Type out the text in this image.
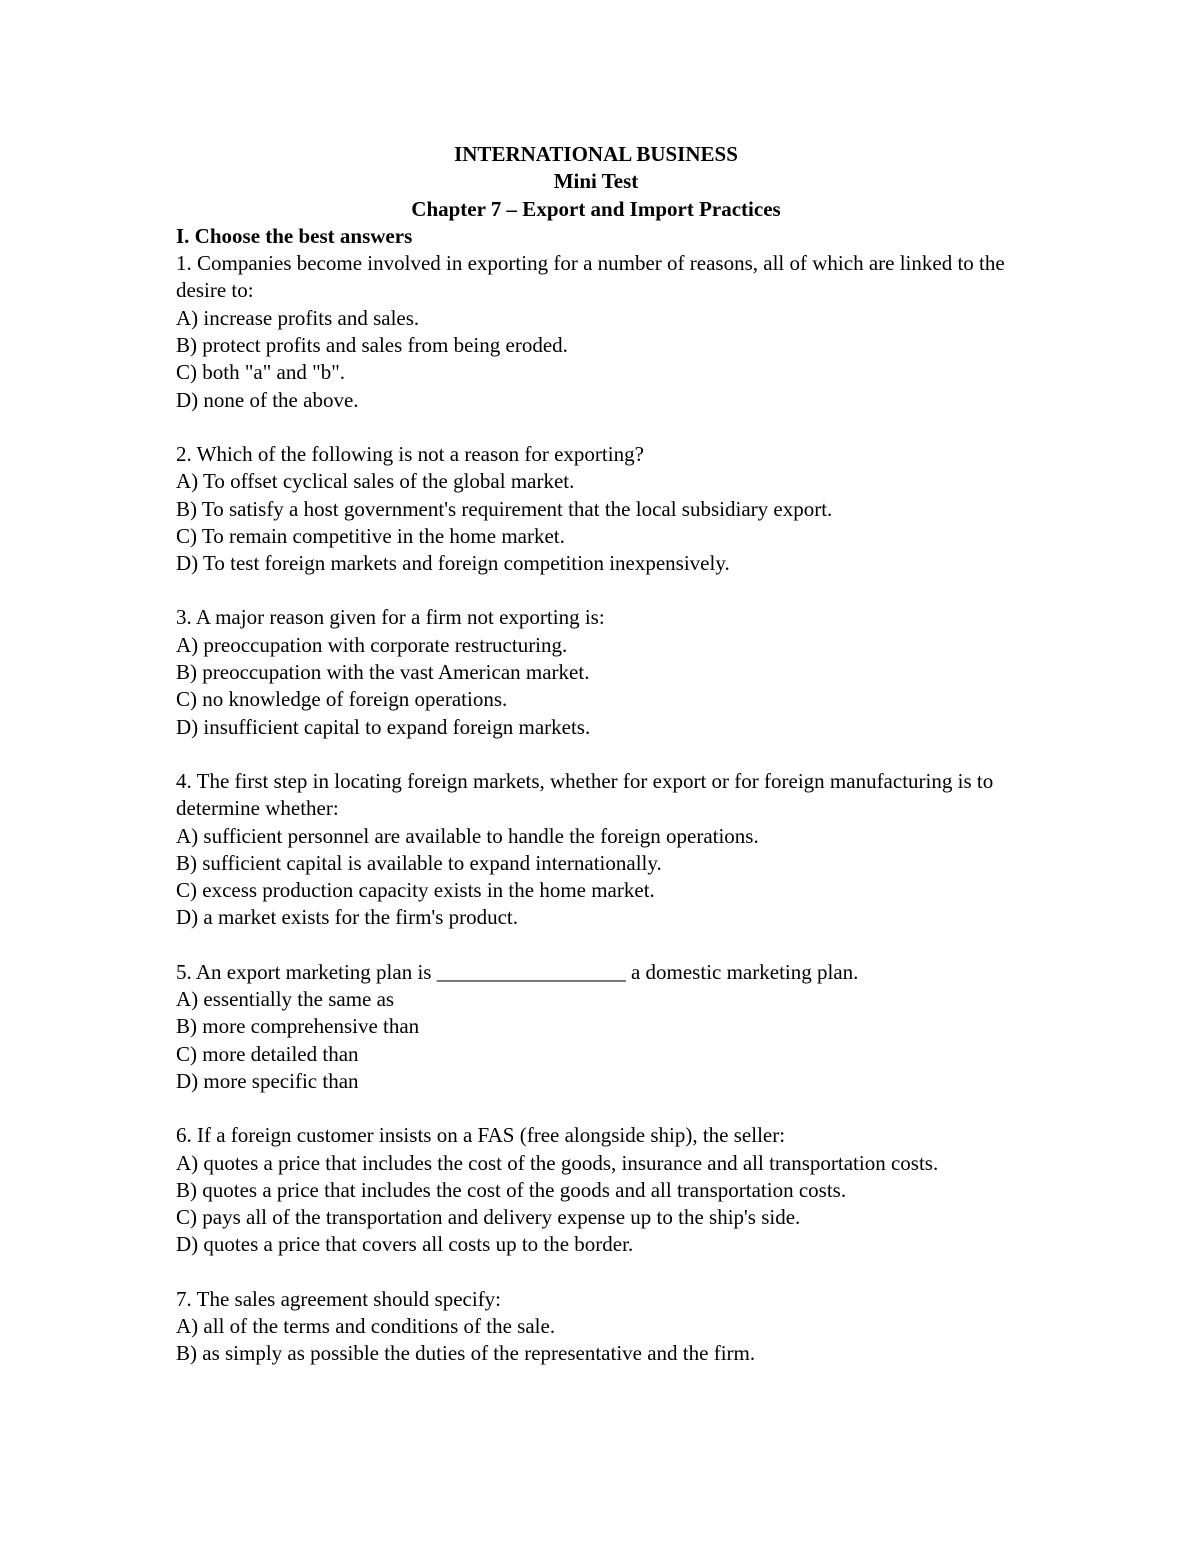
INTERNATIONAL BUSINESS

Mini Test

Chapter 7 – Export and Import Practices

I. Choose the best answers

1. Companies become involved in exporting for a number of reasons, all of which are linked to the desire to:
A) increase profits and sales.
B) protect profits and sales from being eroded.
C) both "a" and "b".
D) none of the above.
2. Which of the following is not a reason for exporting?
A) To offset cyclical sales of the global market.
B) To satisfy a host government's requirement that the local subsidiary export.
C) To remain competitive in the home market.
D) To test foreign markets and foreign competition inexpensively.
3. A major reason given for a firm not exporting is:
A) preoccupation with corporate restructuring.
B) preoccupation with the vast American market.
C) no knowledge of foreign operations.
D) insufficient capital to expand foreign markets.
4. The first step in locating foreign markets, whether for export or for foreign manufacturing is to determine whether:
A) sufficient personnel are available to handle the foreign operations.
B) sufficient capital is available to expand internationally.
C) excess production capacity exists in the home market.
D) a market exists for the firm's product.
5. An export marketing plan is __________________ a domestic marketing plan.
A) essentially the same as
B) more comprehensive than
C) more detailed than
D) more specific than
6. If a foreign customer insists on a FAS (free alongside ship), the seller:
A) quotes a price that includes the cost of the goods, insurance and all transportation costs.
B) quotes a price that includes the cost of the goods and all transportation costs.
C) pays all of the transportation and delivery expense up to the ship's side.
D) quotes a price that covers all costs up to the border.
7. The sales agreement should specify:
A) all of the terms and conditions of the sale.
B) as simply as possible the duties of the representative and the firm.
